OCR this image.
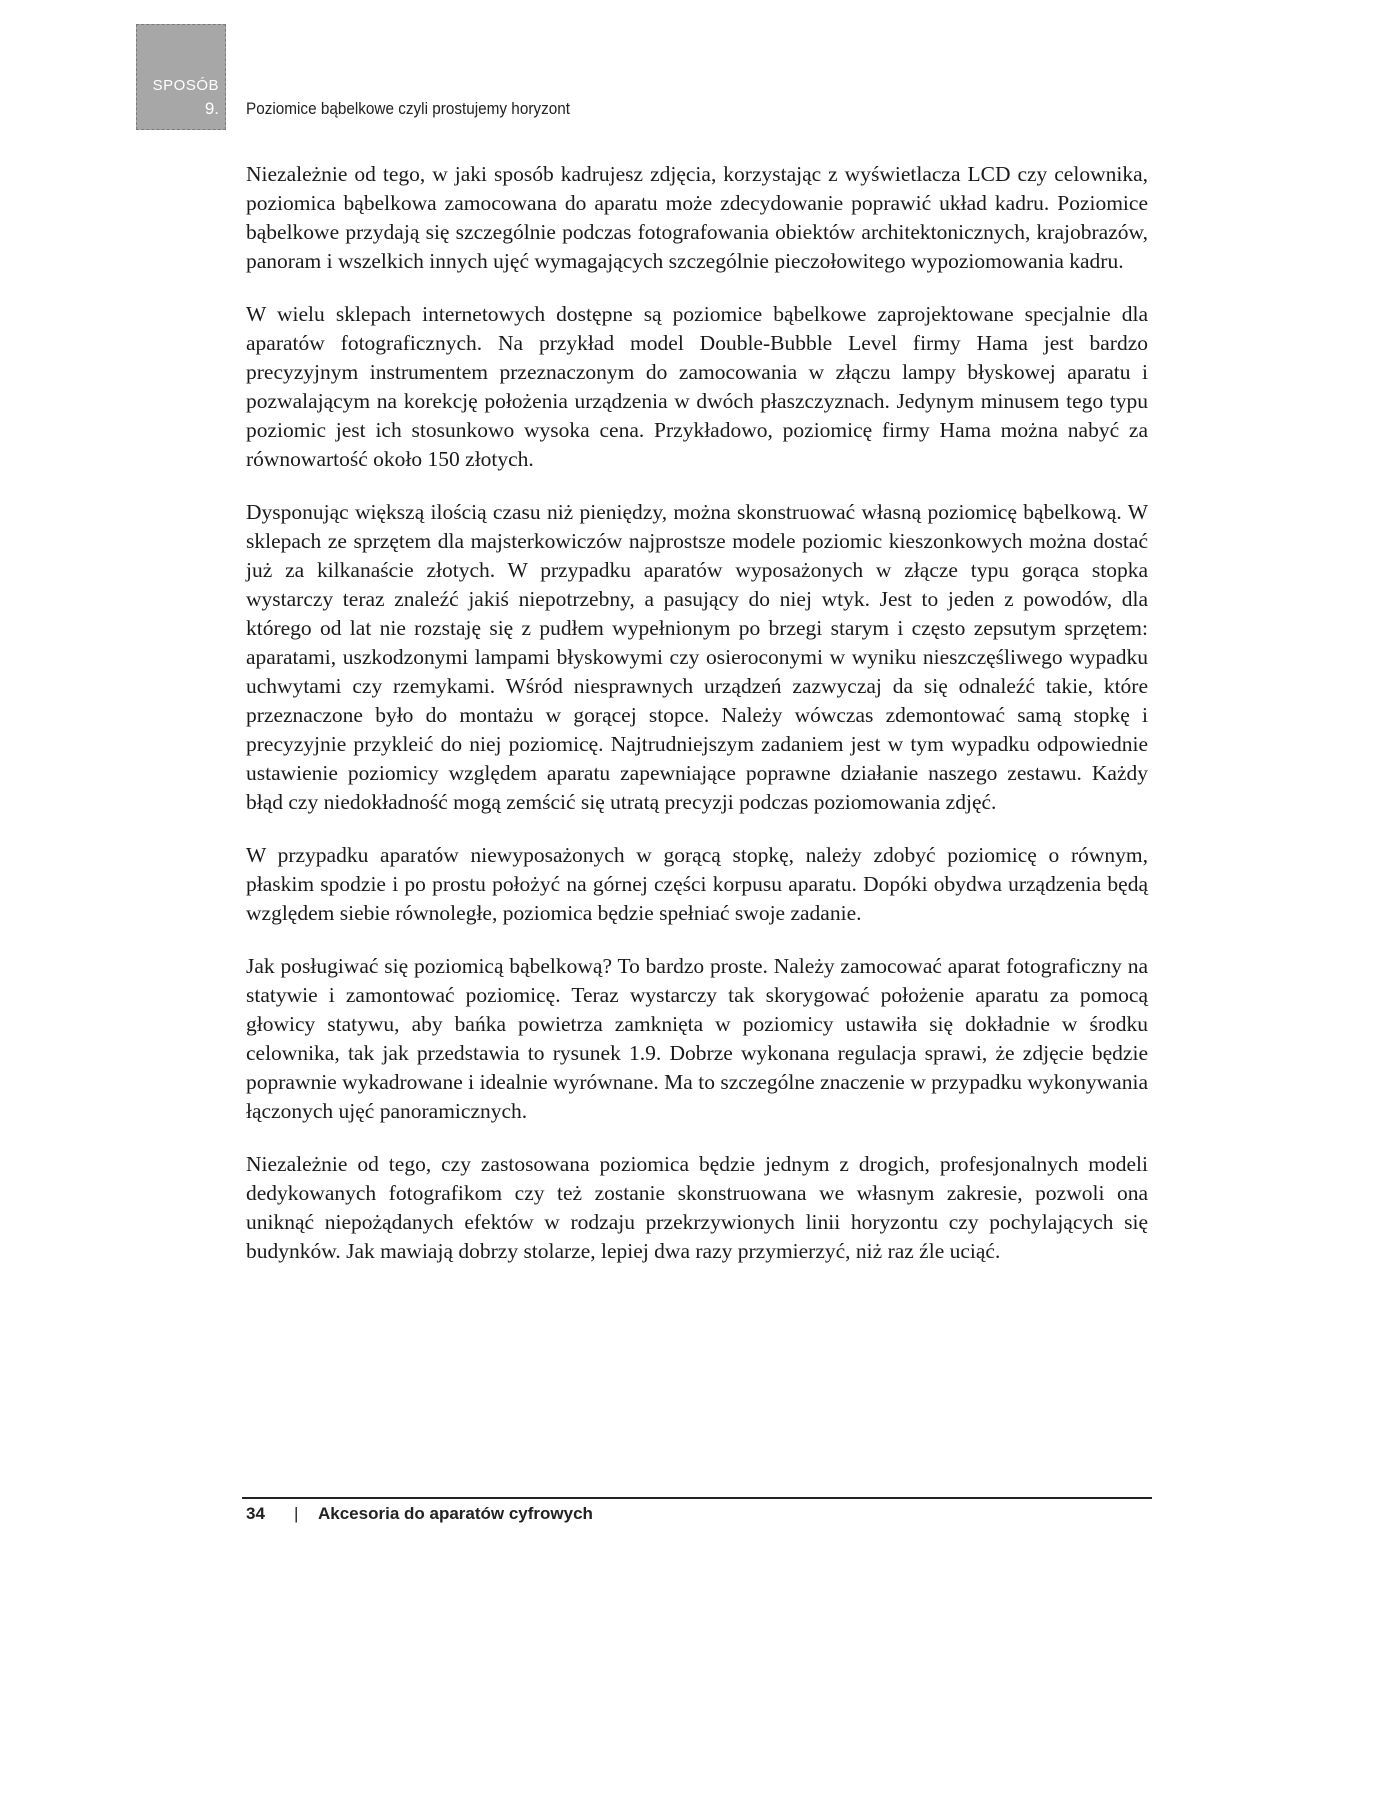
SPOSÓB
9. Poziomice bąbelkowe czyli prostujemy horyzont

Niezależnie od tego, w jaki sposób kadrujesz zdjęcia, korzystając z wyświetlacza LCD czy celownika, poziomica bąbelkowa zamocowana do aparatu może zdecydowanie poprawić układ kadru. Poziomice bąbelkowe przydają się szczególnie podczas fotografowania obiektów architektonicznych, krajobrazów, panoram i wszelkich innych ujęć wymagających szczególnie pieczołowitego wypoziomowania kadru.

W wielu sklepach internetowych dostępne są poziomice bąbelkowe zaprojektowane specjalnie dla aparatów fotograficznych. Na przykład model Double-Bubble Level firmy Hama jest bardzo precyzyjnym instrumentem przeznaczonym do zamocowania w złączu lampy błyskowej aparatu i pozwalającym na korekcję położenia urządzenia w dwóch płaszczyznach. Jedynym minusem tego typu poziomic jest ich stosunkowo wysoka cena. Przykładowo, poziomicę firmy Hama można nabyć za równowartość około 150 złotych.

Dysponując większą ilością czasu niż pieniędzy, można skonstruować własną poziomicę bąbelkową. W sklepach ze sprzętem dla majsterkowiczów najprostsze modele poziomic kieszonkowych można dostać już za kilkanaście złotych. W przypadku aparatów wyposażonych w złącze typu gorąca stopka wystarczy teraz znaleźć jakiś niepotrzebny, a pasujący do niej wtyk. Jest to jeden z powodów, dla którego od lat nie rozstaję się z pudłem wypełnionym po brzegi starym i często zepsutym sprzętem: aparatami, uszkodzonymi lampami błyskowymi czy osieroconymi w wyniku nieszczęśliwego wypadku uchwytami czy rzemykami. Wśród niesprawnych urządzeń zazwyczaj da się odnaleźć takie, które przeznaczone było do montażu w gorącej stopce. Należy wówczas zdemontować samą stopkę i precyzyjnie przykleić do niej poziomicę. Najtrudniejszym zadaniem jest w tym wypadku odpowiednie ustawienie poziomicy względem aparatu zapewniające poprawne działanie naszego zestawu. Każdy błąd czy niedokładność mogą zemścić się utratą precyzji podczas poziomowania zdjęć.

W przypadku aparatów niewyposażonych w gorącą stopkę, należy zdobyć poziomicę o równym, płaskim spodzie i po prostu położyć na górnej części korpusu aparatu. Dopóki obydwa urządzenia będą względem siebie równoległe, poziomica będzie spełniać swoje zadanie.

Jak posługiwać się poziomicą bąbelkową? To bardzo proste. Należy zamocować aparat fotograficzny na statywie i zamontować poziomicę. Teraz wystarczy tak skorygować położenie aparatu za pomocą głowicy statywu, aby bańka powietrza zamknięta w poziomicy ustawiła się dokładnie w środku celownika, tak jak przedstawia to rysunek 1.9. Dobrze wykonana regulacja sprawi, że zdjęcie będzie poprawnie wykadrowane i idealnie wyrównane. Ma to szczególne znaczenie w przypadku wykonywania łączonych ujęć panoramicznych.

Niezależnie od tego, czy zastosowana poziomica będzie jednym z drogich, profesjonalnych modeli dedykowanych fotografikom czy też zostanie skonstruowana we własnym zakresie, pozwoli ona uniknąć niepożądanych efektów w rodzaju przekrzywionych linii horyzontu czy pochylających się budynków. Jak mawiają dobrzy stolarze, lepiej dwa razy przymierzyć, niż raz źle uciąć.

34 | Akcesoria do aparatów cyfrowych
